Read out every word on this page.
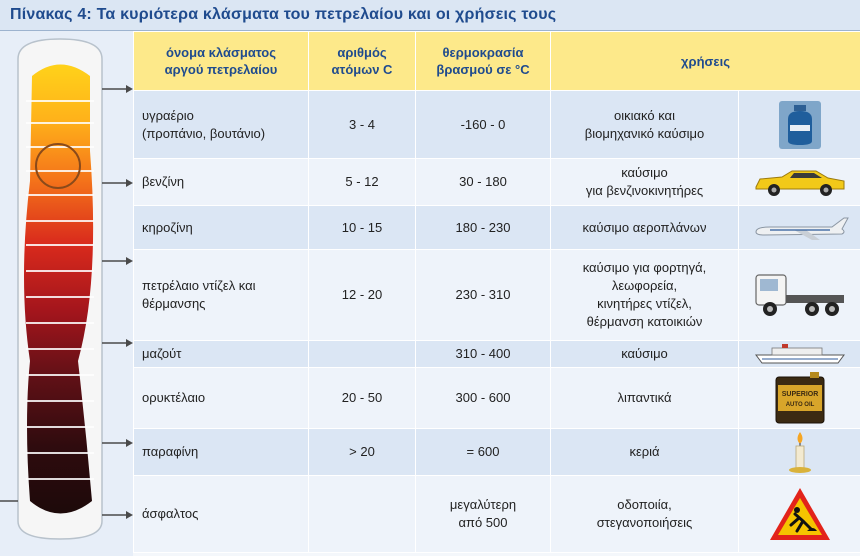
Πίνακας 4: Τα κυριότερα κλάσματα του πετρελαίου και οι χρήσεις τους
όνομα κλάσματος
αργού πετρελαίου	αριθμός
ατόμων C	θερμοκρασία
βρασμού σε °C	χρήσεις	
υγραέριο
(προπάνιο, βουτάνιο)	3 - 4	-160 - 0	οικιακό και
βιομηχανικό καύσιμο	

βενζίνη	5 - 12	30 - 180	καύσιμο
για βενζινοκινητήρες	

κηροζίνη	10 - 15	180 - 230	καύσιμο αεροπλάνων	

πετρέλαιο ντίζελ και
θέρμανσης	12 - 20	230 - 310	καύσιμο για φορτηγά,
λεωφορεία,
κινητήρες ντίζελ,
θέρμανση κατοικιών	

μαζούτ		310 - 400	καύσιμο	

ορυκτέλαιο	20 - 50	300 - 600	λιπαντικά	SUPERIOR
AUTO OIL

παραφίνη	> 20	= 600	κεριά	

άσφαλτος		μεγαλύτερη
από 500	οδοποιία,
στεγανοποιήσεις	
